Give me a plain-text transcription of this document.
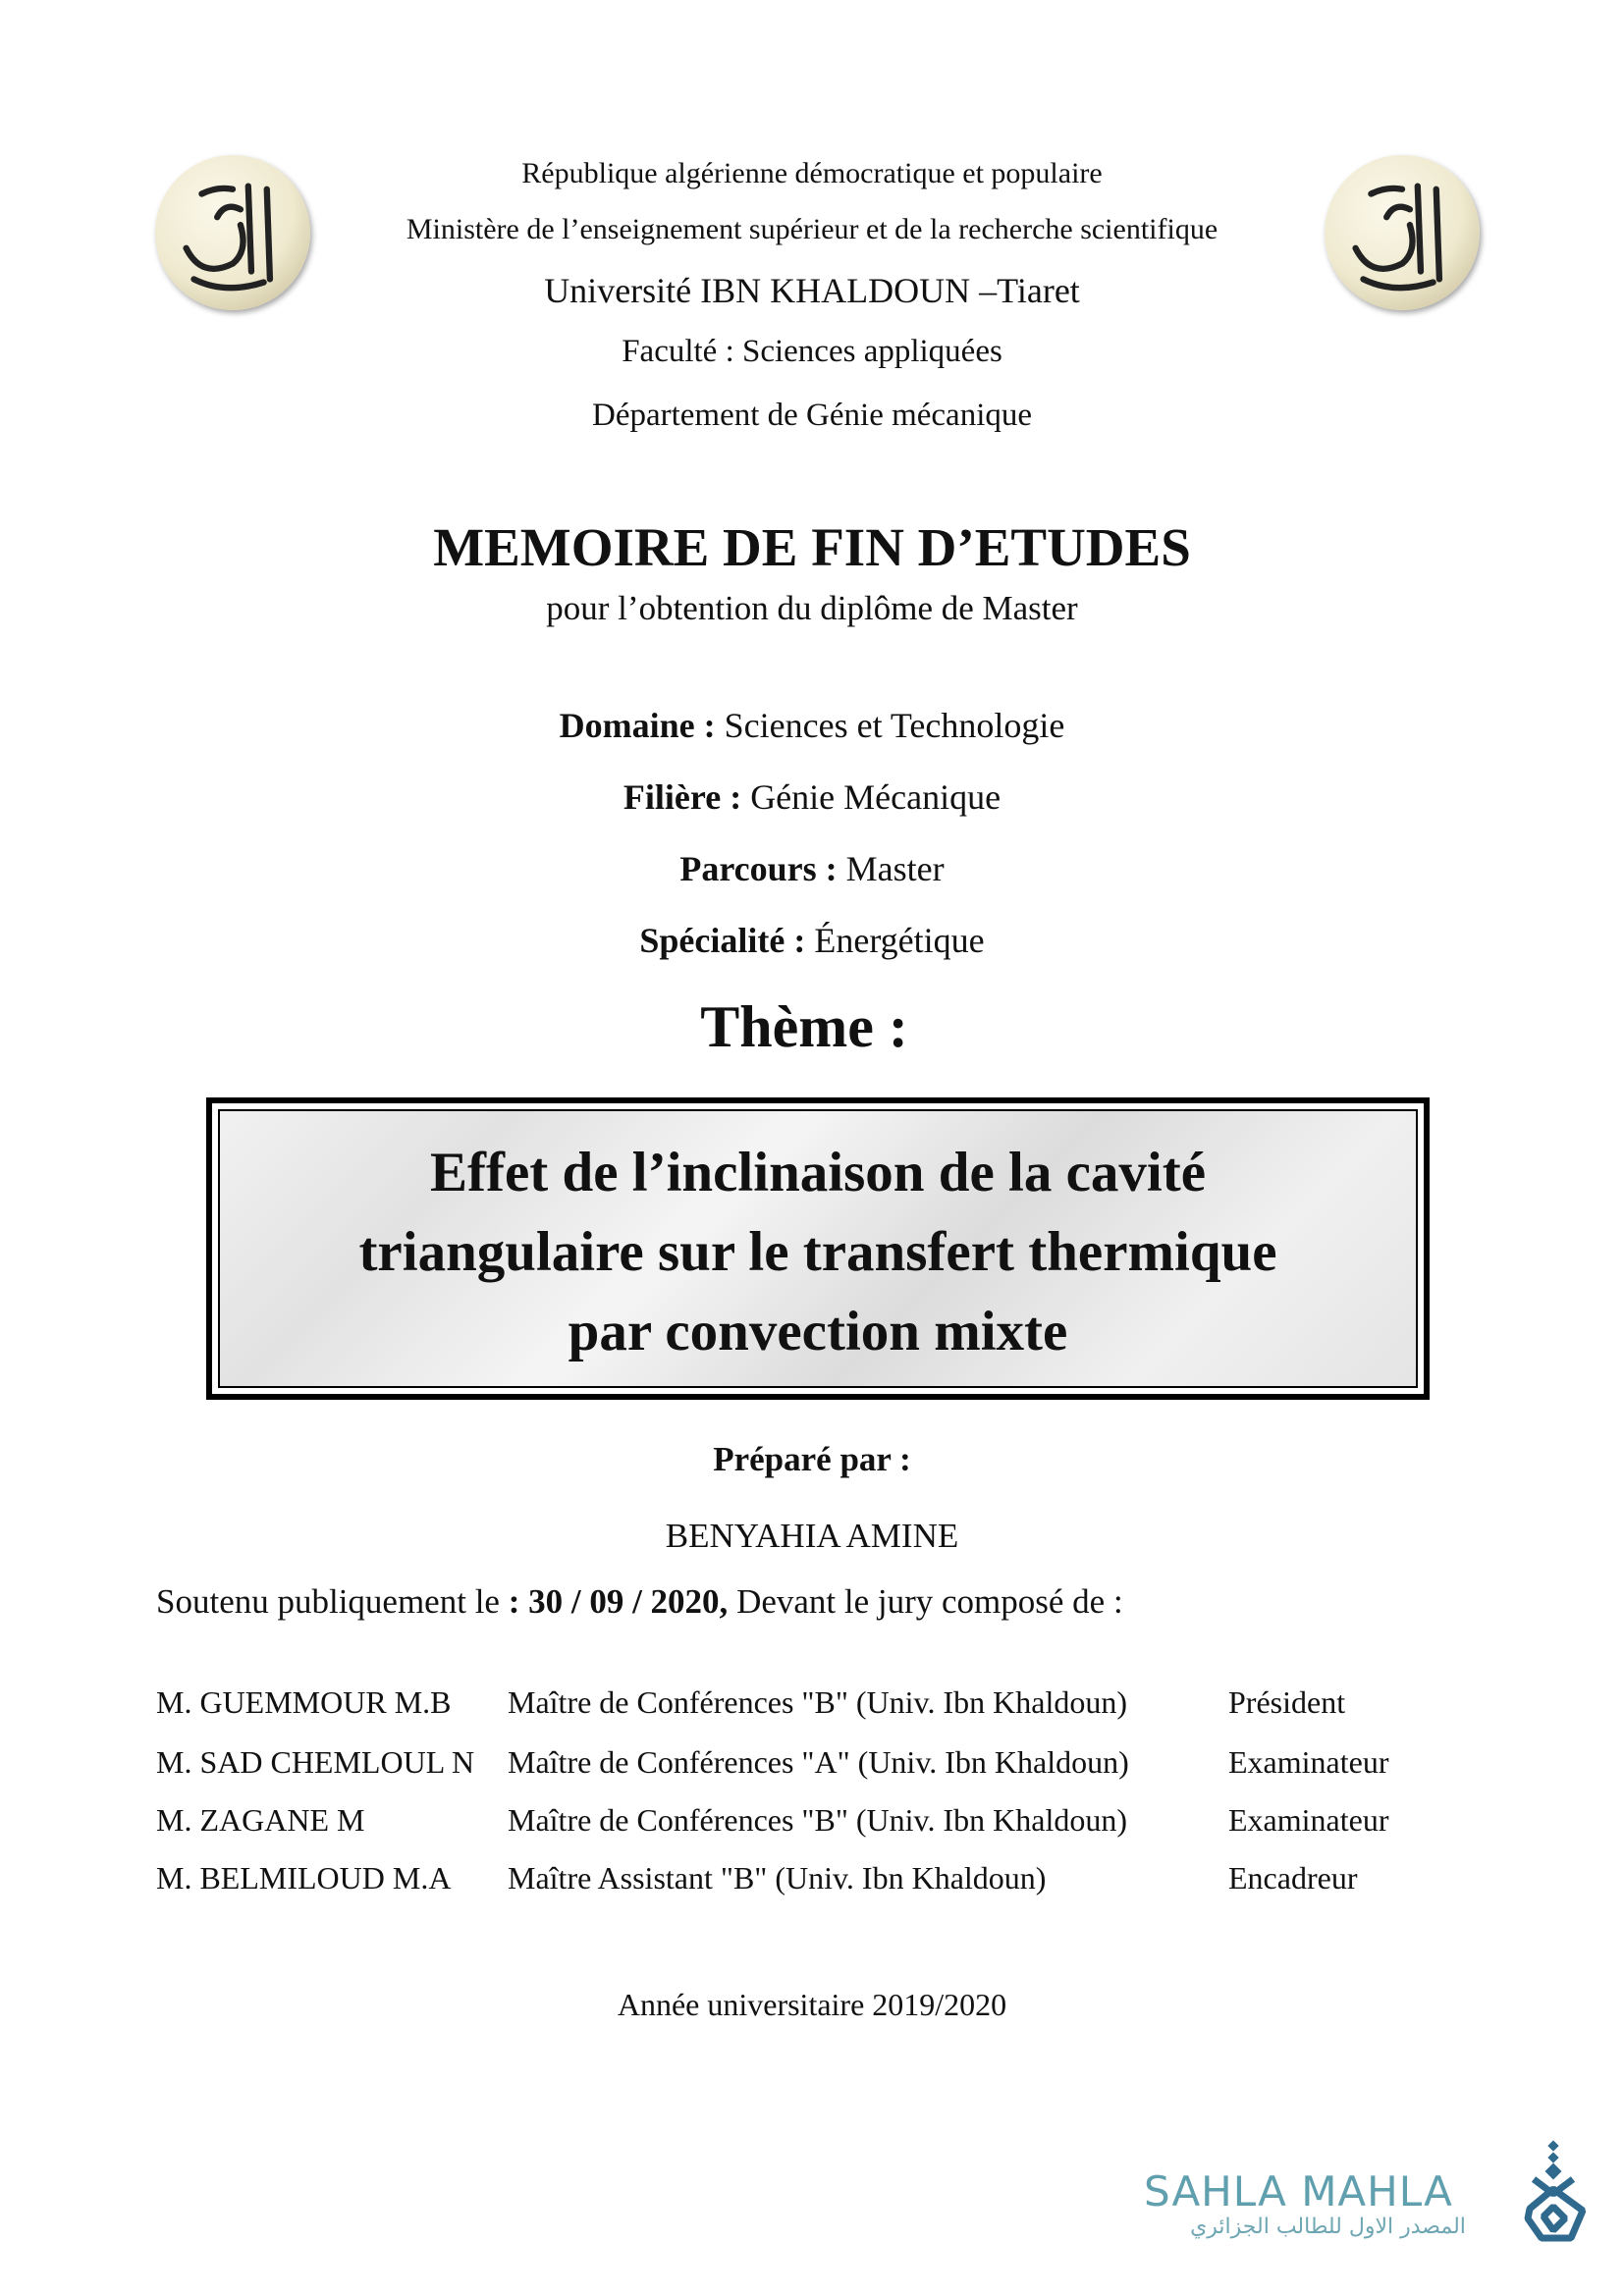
République algérienne démocratique et populaire
Ministère de l’enseignement supérieur et de la recherche scientifique
Université IBN KHALDOUN –Tiaret
Faculté : Sciences appliquées
Département de Génie mécanique
MEMOIRE DE FIN D’ETUDES
pour l’obtention du diplôme de Master
Domaine : Sciences et Technologie
Filière : Génie Mécanique
Parcours : Master
Spécialité : Énergétique
Thème :
Effet de l’inclinaison de la cavité
triangulaire sur le transfert thermique
par convection mixte
Préparé par :
BENYAHIA AMINE
Soutenu publiquement le : 30 / 09 / 2020, Devant le jury composé de :
M. GUEMMOUR M.B Maître de Conférences "B" (Univ. Ibn Khaldoun)	Président
M. SAD CHEMLOUL N Maître de Conférences "A" (Univ. Ibn Khaldoun)	Examinateur
M. ZAGANE M	Maître de Conférences "B" (Univ. Ibn Khaldoun)	Examinateur
M. BELMILOUD M.A Maître Assistant "B" (Univ. Ibn Khaldoun)	Encadreur
Année universitaire 2019/2020
SAHLA MAHLA
المصدر الاول للطالب الجزائري
